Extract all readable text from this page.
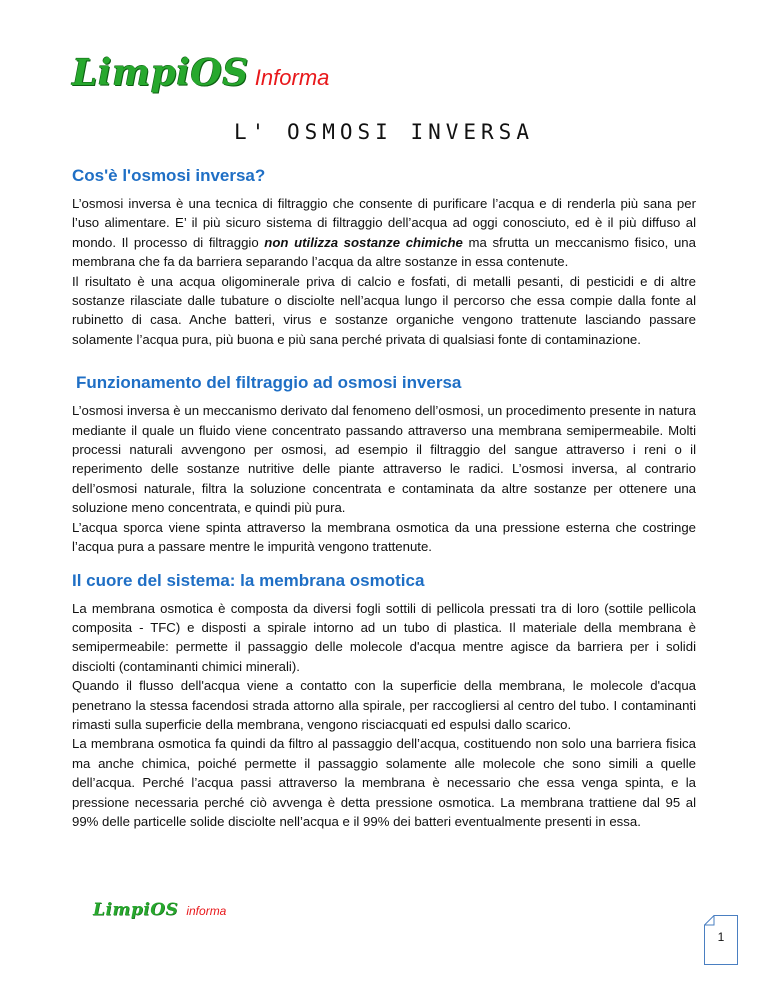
LimpiOS Informa
L' OSMOSI INVERSA
Cos'è l'osmosi inversa?

L’osmosi inversa è una tecnica di filtraggio che consente di purificare l’acqua e di renderla più sana per l’uso alimentare. E’ il più sicuro sistema di filtraggio dell’acqua ad oggi conosciuto, ed è il più diffuso al mondo. Il processo di filtraggio non utilizza sostanze chimiche ma sfrutta un meccanismo fisico, una membrana che fa da barriera separando l’acqua da altre sostanze in essa contenute.

Il risultato è una acqua oligominerale priva di calcio e fosfati, di metalli pesanti, di pesticidi e di altre sostanze rilasciate dalle tubature o disciolte nell’acqua lungo il percorso che essa compie dalla fonte al rubinetto di casa. Anche batteri, virus e sostanze organiche vengono trattenute lasciando passare solamente l’acqua pura, più buona e più sana perché privata di qualsiasi fonte di contaminazione.

Funzionamento del filtraggio ad osmosi inversa

L’osmosi inversa è un meccanismo derivato dal fenomeno dell’osmosi, un procedimento presente in natura mediante il quale un fluido viene concentrato passando attraverso una membrana semipermeabile. Molti processi naturali avvengono per osmosi, ad esempio il filtraggio del sangue attraverso i reni o il reperimento delle sostanze nutritive delle piante attraverso le radici. L’osmosi inversa, al contrario dell’osmosi naturale, filtra la soluzione concentrata e contaminata da altre sostanze per ottenere una soluzione meno concentrata, e quindi più pura.

L’acqua sporca viene spinta attraverso la membrana osmotica da una pressione esterna che costringe l’acqua pura a passare mentre le impurità vengono trattenute.

Il cuore del sistema: la membrana osmotica

La membrana osmotica è composta da diversi fogli sottili di pellicola pressati tra di loro (sottile pellicola composita - TFC) e disposti a spirale intorno ad un tubo di plastica. Il materiale della membrana è semipermeabile: permette il passaggio delle molecole d'acqua mentre agisce da barriera per i solidi disciolti (contaminanti chimici minerali).

Quando il flusso dell'acqua viene a contatto con la superficie della membrana, le molecole d'acqua penetrano la stessa facendosi strada attorno alla spirale, per raccogliersi al centro del tubo. I contaminanti rimasti sulla superficie della membrana, vengono risciacquati ed espulsi dallo scarico.

La membrana osmotica fa quindi da filtro al passaggio dell’acqua, costituendo non solo una barriera fisica ma anche chimica, poiché permette il passaggio solamente alle molecole che sono simili a quelle dell’acqua. Perché l’acqua passi attraverso la membrana è necessario che essa venga spinta, e la pressione necessaria perché ciò avvenga è detta pressione osmotica. La membrana trattiene dal 95 al 99% delle particelle solide disciolte nell’acqua e il 99% dei batteri eventualmente presenti in essa.

LimpiOS informa
1
